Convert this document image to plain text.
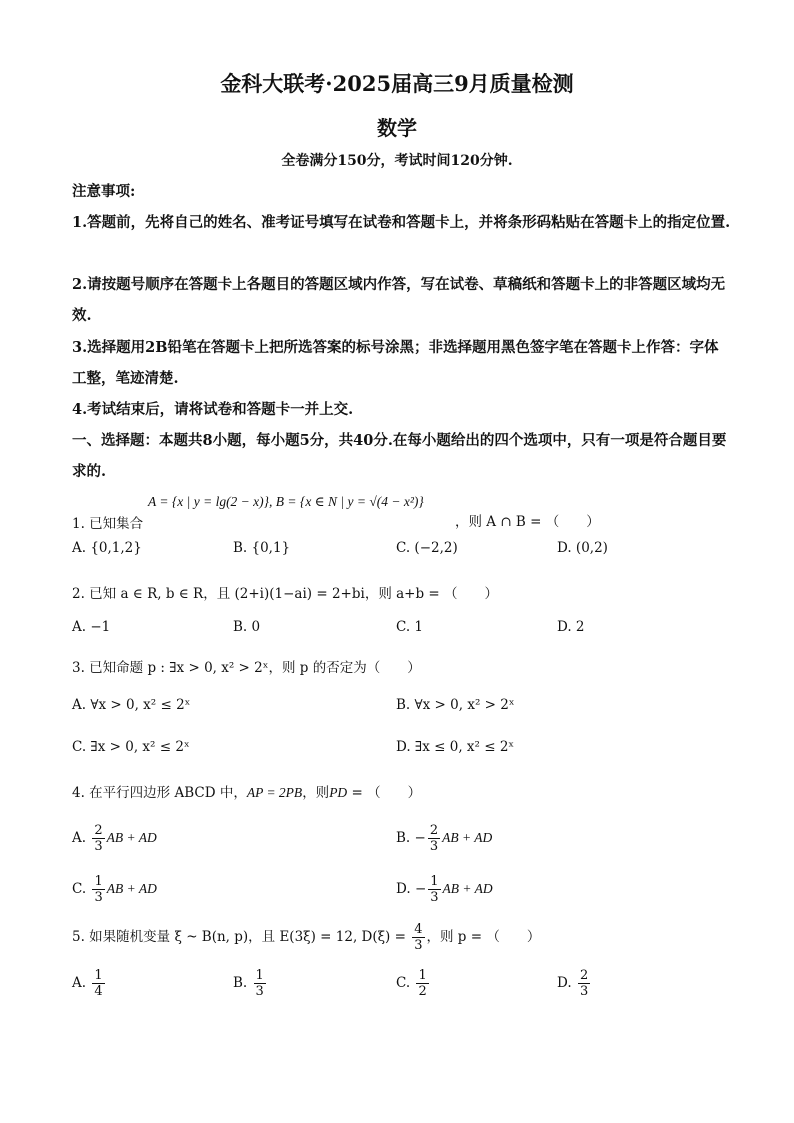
金科大联考·2025届高三9月质量检测
数学
全卷满分150分，考试时间120分钟.
注意事项:
1.答题前，先将自己的姓名、准考证号填写在试卷和答题卡上，并将条形码粘贴在答题卡上的指定位置.
2.请按题号顺序在答题卡上各题目的答题区域内作答，写在试卷、草稿纸和答题卡上的非答题区域均无效.
3.选择题用2B铅笔在答题卡上把所选答案的标号涂黑；非选择题用黑色签字笔在答题卡上作答：字体工整，笔迹清楚.
4.考试结束后，请将试卷和答题卡一并上交.
一、选择题：本题共8小题，每小题5分，共40分.在每小题给出的四个选项中，只有一项是符合题目要求的.
A = {x | y = lg(2 − x)}, B = {x ∈ N | y = √(4 − x²)}
1. 已知集合	，则 A ∩ B = （　　）
A. {0,1,2}	B. {0,1}	C. (−2,2)	D. (0,2)
2. 已知 a ∈ R, b ∈ R，且 (2+i)(1−ai) = 2+bi，则 a+b = （　　）
A. −1	B. 0	C. 1	D. 2
3. 已知命题 p : ∃x > 0, x² > 2ˣ，则 p 的否定为（　　）
A. ∀x > 0, x² ≤ 2ˣ	B. ∀x > 0, x² > 2ˣ
C. ∃x > 0, x² ≤ 2ˣ	D. ∃x ≤ 0, x² ≤ 2ˣ
4. 在平行四边形 ABCD 中，AP = 2PB，则PD = （　　）
A. $\frac{2}{3}$ AB + AD	B. − $\frac{2}{3}$ AB + AD
C. $\frac{1}{3}$ AB + AD	D. − $\frac{1}{3}$ AB + AD
5. 如果随机变量 ξ ~ B(n, p)，且 E(3ξ) = 12, $D(\xi) = \frac{4}{3}$ ，则 p = （　　）
A. $\frac{1}{4}$	B. $\frac{1}{3}$	C. $\frac{1}{2}$	D. $\frac{2}{3}$
